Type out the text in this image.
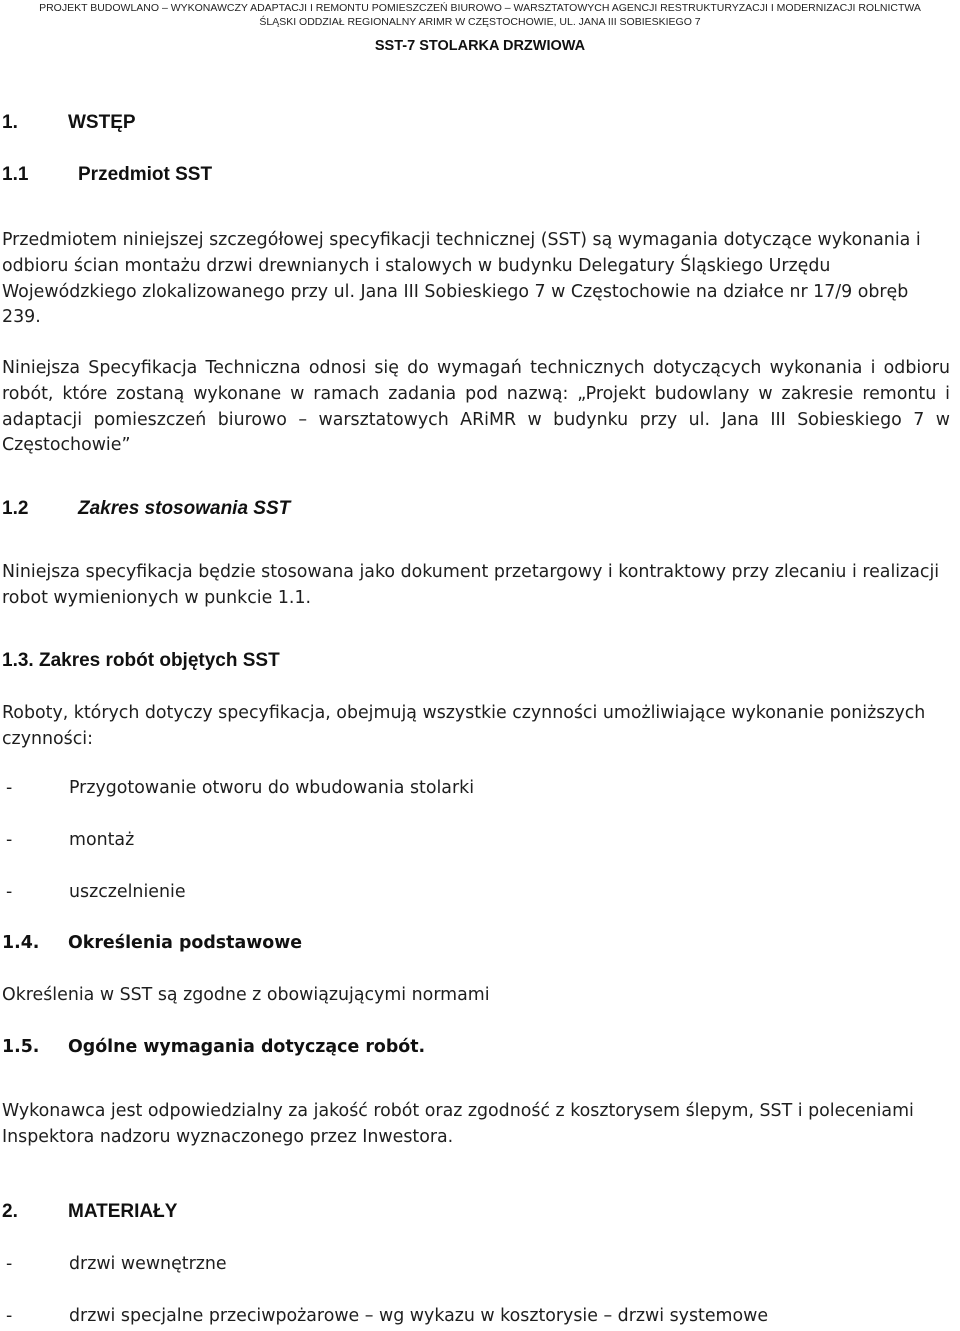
PROJEKT BUDOWLANO – WYKONAWCZY ADAPTACJI I REMONTU POMIESZCZEŃ BIUROWO – WARSZTATOWYCH AGENCJI RESTRUKTURYZACJI I MODERNIZACJI ROLNICTWA
ŚLĄSKI ODDZIAŁ REGIONALNY ARIMR W CZĘSTOCHOWIE, UL. JANA III SOBIESKIEGO 7
SST-7 STOLARKA DRZWIOWA
1.	WSTĘP
1.1	Przedmiot SST
Przedmiotem niniejszej szczegółowej specyfikacji technicznej (SST) są wymagania dotyczące wykonania i odbioru ścian montażu drzwi drewnianych i stalowych w budynku Delegatury Śląskiego Urzędu Wojewódzkiego zlokalizowanego przy ul. Jana III Sobieskiego 7 w Częstochowie na działce nr 17/9 obręb 239.
Niniejsza Specyfikacja Techniczna odnosi się do wymagań technicznych dotyczących wykonania i odbioru robót, które zostaną wykonane w ramach zadania pod nazwą: „Projekt budowlany w zakresie remontu i adaptacji pomieszczeń biurowo – warsztatowych ARiMR w budynku przy ul. Jana III Sobieskiego 7 w Częstochowie”
1.2	Zakres stosowania SST
Niniejsza specyfikacja będzie stosowana jako dokument przetargowy i kontraktowy przy zlecaniu i realizacji robot wymienionych w punkcie 1.1.
1.3. Zakres robót objętych SST
Roboty, których dotyczy specyfikacja, obejmują wszystkie czynności umożliwiające wykonanie poniższych czynności:
-	Przygotowanie otworu do wbudowania stolarki
-	montaż
-	uszczelnienie
1.4. Określenia podstawowe
Określenia w SST są zgodne z obowiązującymi normami
1.5. Ogólne wymagania dotyczące robót.
Wykonawca jest odpowiedzialny za jakość robót oraz zgodność z kosztorysem ślepym, SST i poleceniami Inspektora nadzoru wyznaczonego przez Inwestora.
2.	MATERIAŁY
-	drzwi wewnętrzne
-	drzwi specjalne przeciwpożarowe – wg wykazu w kosztorysie – drzwi systemowe
